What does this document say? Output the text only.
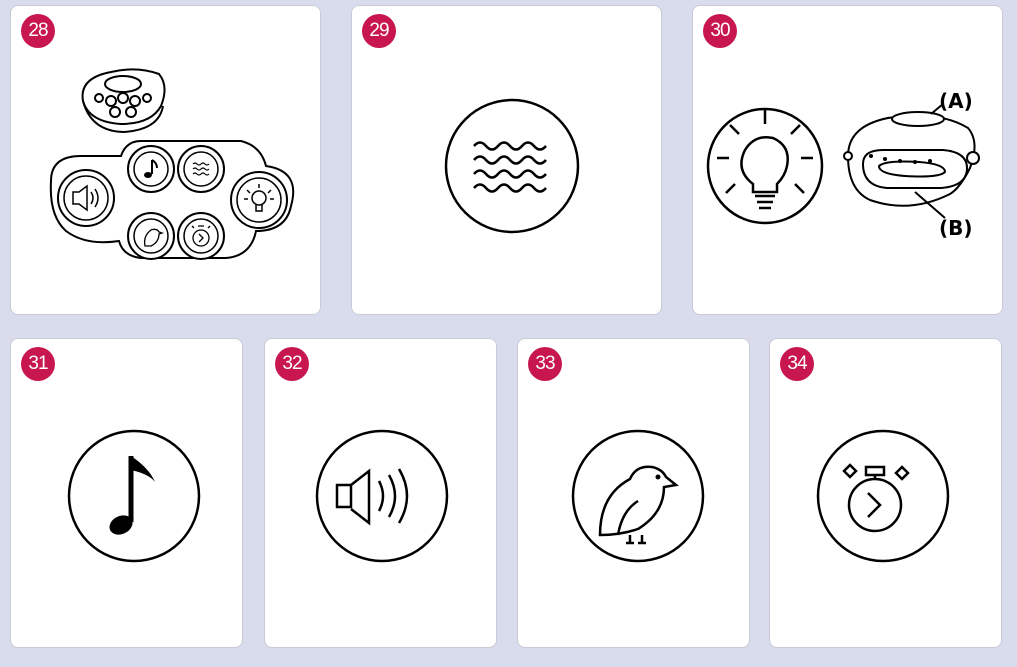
28	29	30
(A)
(B)
31	32	33	34
